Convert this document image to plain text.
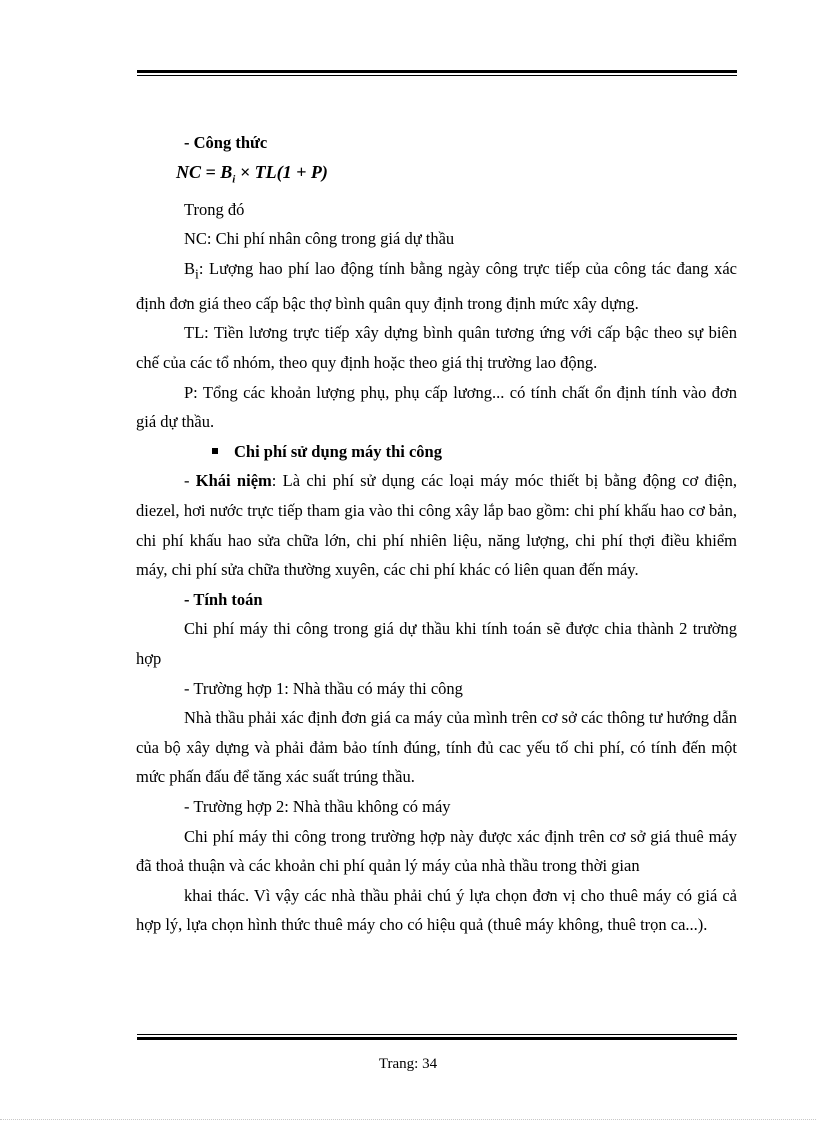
- Công thức

NC = $B_i \times TL(1 + P)$

Trong đó

NC: Chi phí nhân công trong giá dự thầu

$B_i$: Lượng hao phí lao động tính bằng ngày công trực tiếp của công tác đang xác định đơn giá theo cấp bậc thợ bình quân quy định trong định mức xây dựng.

TL: Tiền lương trực tiếp xây dựng bình quân tương ứng với cấp bậc theo sự biên chế của các tổ nhóm, theo quy định hoặc theo giá thị trường lao động.

P: Tổng các khoản lượng phụ, phụ cấp lương... có tính chất ổn định tính vào đơn giá dự thầu.

Chi phí sử dụng máy thi công

- Khái niệm: Là chi phí sử dụng các loại máy móc thiết bị bằng động cơ điện, diezel, hơi nước trực tiếp tham gia vào thi công xây lắp bao gồm: chi phí khấu hao cơ bản, chi phí khấu hao sửa chữa lớn, chi phí nhiên liệu, năng lượng, chi phí thợi điều khiểm máy, chi phí sửa chữa thường xuyên, các chi phí khác có liên quan đến máy.

- Tính toán

Chi phí máy thi công trong giá dự thầu khi tính toán sẽ được chia thành 2 trường hợp

- Trường hợp 1: Nhà thầu có máy thi công

Nhà thầu phải xác định đơn giá ca máy của mình trên cơ sở các thông tư hướng dẫn của bộ xây dựng và phải đảm bảo tính đúng, tính đủ cac yếu tố chi phí, có tính đến một mức phấn đấu để tăng xác suất trúng thầu.

- Trường hợp 2: Nhà thầu không có máy

Chi phí máy thi công trong trường hợp này được xác định trên cơ sở giá thuê máy đã thoả thuận và các khoản chi phí quản lý máy của nhà thầu trong thời gian

khai thác. Vì vậy các nhà thầu phải chú ý lựa chọn đơn vị cho thuê máy có giá cả hợp lý, lựa chọn hình thức thuê máy cho có hiệu quả (thuê máy không, thuê trọn ca...).

Trang: 34
